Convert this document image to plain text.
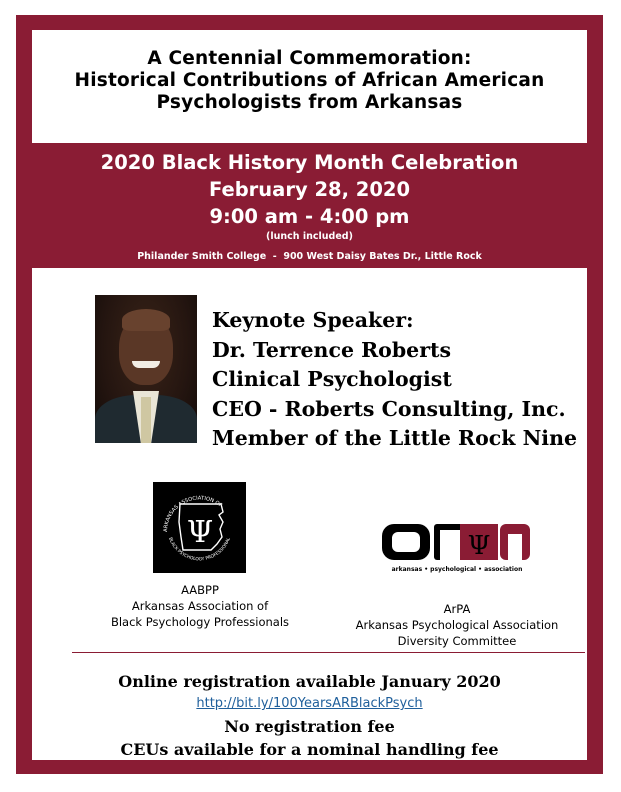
A Centennial Commemoration:
Historical Contributions of African American
Psychologists from Arkansas
2020 Black History Month Celebration
February 28, 2020
9:00 am - 4:00 pm
(lunch included)
Philander Smith College  -  900 West Daisy Bates Dr., Little Rock
Keynote Speaker:
Dr. Terrence Roberts
Clinical Psychologist
CEO - Roberts Consulting, Inc.
Member of the Little Rock Nine
ARKANSAS ASSOCIATION OF
BLACK PSYCHOLOGY PROFESSIONAL
Ψ	Ψ
arkansas • psychological • association
AABPP
Arkansas Association of
Black Psychology Professionals
ArPA
Arkansas Psychological Association
Diversity Committee
Online registration available January 2020
http://bit.ly/100YearsARBlackPsych
No registration fee
CEUs available for a nominal handling fee
